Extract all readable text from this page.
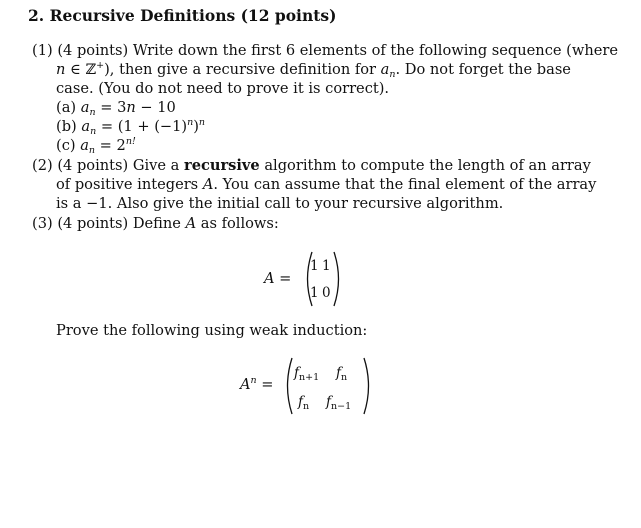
2. Recursive Definitions (12 points)
(1) (4 points) Write down the first 6 elements of the following sequence (where
n ∈ ℤ+), then give a recursive definition for $a_n$. Do not forget the base
case. (You do not need to prove it is correct).
(a) $a_n = 3n - 10$
(b) $a_n = (1 + (-1)^n)^n$
(c) $a_n = 2^{n!}$
(2) (4 points) Give a recursive algorithm to compute the length of an array
of positive integers A. You can assume that the final element of the array
is a −1. Also give the initial call to your recursive algorithm.
(3) (4 points) Define A as follows:
A =
1 1
1 0
Prove the following using weak induction:
$A^n$ =
$f_{n+1}$ $f_n$
$f_n$ $f_{n-1}$
